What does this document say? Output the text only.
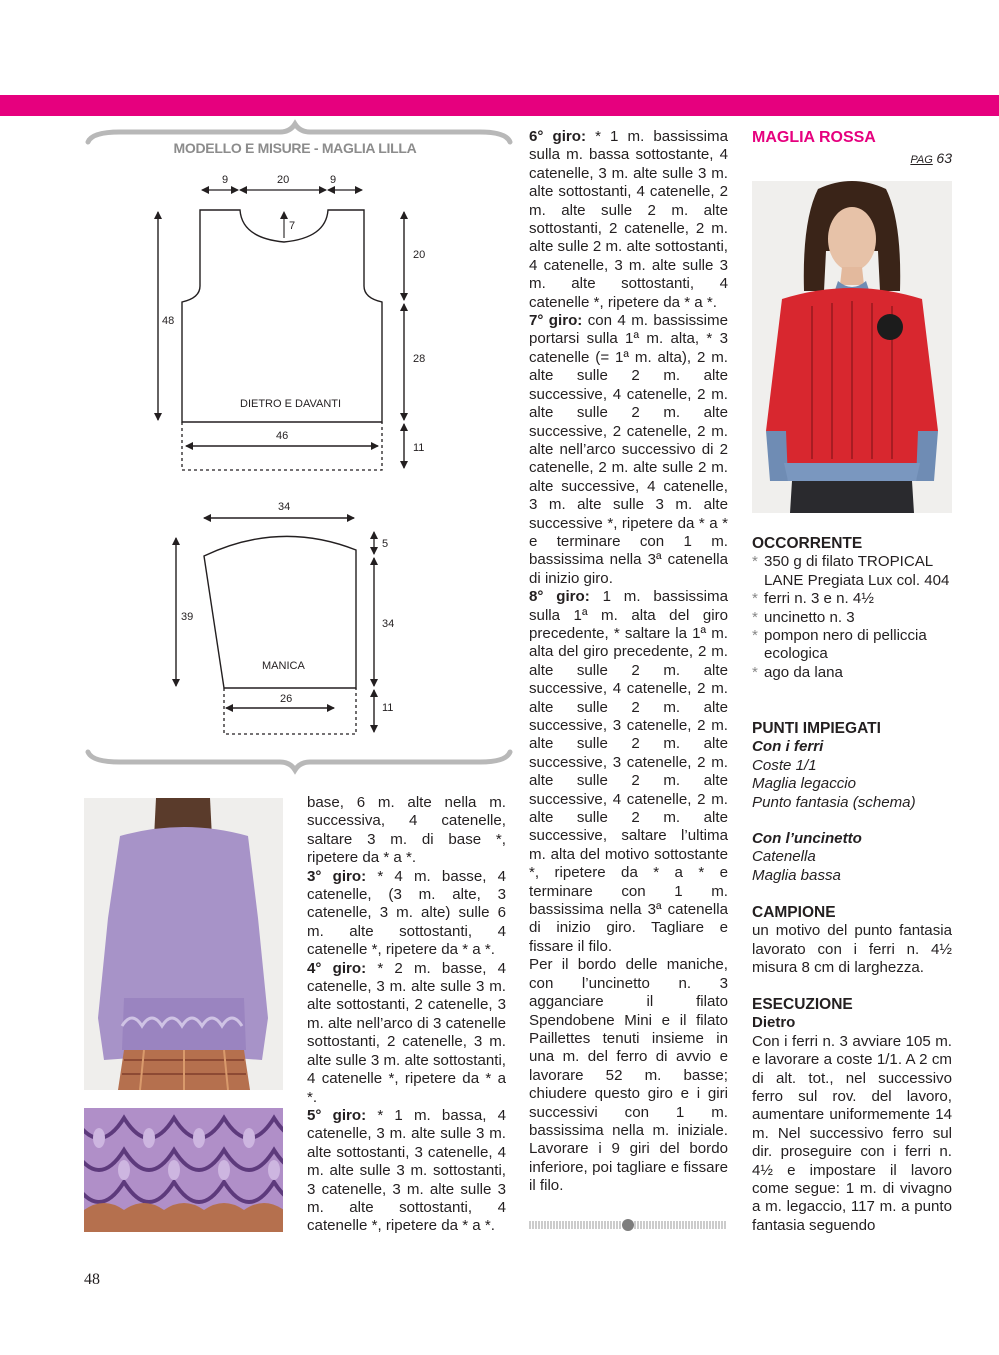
MODELLO E MISURE - MAGLIA LILLA
9	20	9
7
48
20
28
11
46
DIETRO E DAVANTI
34
5
39
34
11
26
MANICA

base, 6 m. alte nella m. successiva, 4 catenelle, saltare 3 m. di base *, ripetere da * a *.

3° giro: * 4 m. basse, 4 catenelle, (3 m. alte, 3 catenelle, 3 m. alte) sulle 6 m. alte sottostanti, 4 catenelle *, ripetere da * a *.

4° giro: * 2 m. basse, 4 catenelle, 3 m. alte sulle 3 m. alte sottostanti, 2 catenelle, 3 m. alte nell’arco di 3 catenelle sottostanti, 2 catenelle, 3 m. alte sulle 3 m. alte sottostanti, 4 catenelle *, ripetere da * a *.

5° giro: * 1 m. bassa, 4 catenelle, 3 m. alte sulle 3 m. alte sottostanti, 3 catenelle, 4 m. alte sulle 3 m. sottostanti, 3 catenelle, 3 m. alte sulle 3 m. alte sottostanti, 4 catenelle *, ripetere da * a *.

6° giro: * 1 m. bassissima sulla m. bassa sottostante, 4 catenelle, 3 m. alte sulle 3 m. alte sottostanti, 4 catenelle, 2 m. alte sulle 2 m. alte sottostanti, 2 catenelle, 2 m. alte sulle 2 m. alte sottostanti, 4 catenelle, 3 m. alte sulle 3 m. alte sottostanti, 4 catenelle *, ripetere da * a *.

7° giro: con 4 m. bassissime portarsi sulla 1ª m. alta, * 3 catenelle (= 1ª m. alta), 2 m. alte sulle 2 m. alte successive, 4 catenelle, 2 m. alte sulle 2 m. alte successive, 2 catenelle, 2 m. alte nell’arco successivo di 2 catenelle, 2 m. alte sulle 2 m. alte successive, 4 catenelle, 3 m. alte sulle 3 m. alte successive *, ripetere da * a * e terminare con 1 m. bassissima nella 3ª catenella di inizio giro.

8° giro: 1 m. bassissima sulla 1ª m. alta del giro precedente, * saltare la 1ª m. alta del giro precedente, 2 m. alte sulle 2 m. alte successive, 4 catenelle, 2 m. alte sulle 2 m. alte successive, 3 catenelle, 2 m. alte sulle 2 m. alte successive, 3 catenelle, 2 m. alte sulle 2 m. alte successive, 4 catenelle, 2 m. alte sulle 2 m. alte successive, saltare l’ultima m. alta del motivo sottostante *, ripetere da * a * e terminare con 1 m. bassissima nella 3ª catenella di inizio giro. Tagliare e fissare il filo.

Per il bordo delle maniche, con l’uncinetto n. 3 agganciare il filato Spendobene Mini e il filato Paillettes tenuti insieme in una m. del ferro di avvio e lavorare 52 m. basse; chiudere questo giro e i giri successivi con 1 m. bassissima nella m. iniziale. Lavorare i 9 giri del bordo inferiore, poi tagliare e fissare il filo.

MAGLIA ROSSA
PAG 63

OCCORRENTE

* 350 g di filato TROPICAL LANE Pregiata Lux col. 404
* ferri n. 3 e n. 4½
* uncinetto n. 3
* pompon nero di pelliccia ecologica
* ago da lana

PUNTI IMPIEGATI

Con i ferri

Coste 1/1

Maglia legaccio

Punto fantasia (schema)

Con l’uncinetto

Catenella

Maglia bassa

CAMPIONE

un motivo del punto fantasia lavorato con i ferri n. 4½ misura 8 cm di larghezza.

ESECUZIONE

Dietro

Con i ferri n. 3 avviare 105 m. e lavorare a coste 1/1. A 2 cm di alt. tot., nel successivo ferro sul rov. del lavoro, aumentare uniformemente 14 m. Nel successivo ferro sul dir. proseguire con i ferri n. 4½ e impostare il lavoro come segue: 1 m. di vivagno a m. legaccio, 117 m. a punto fantasia seguendo

48
